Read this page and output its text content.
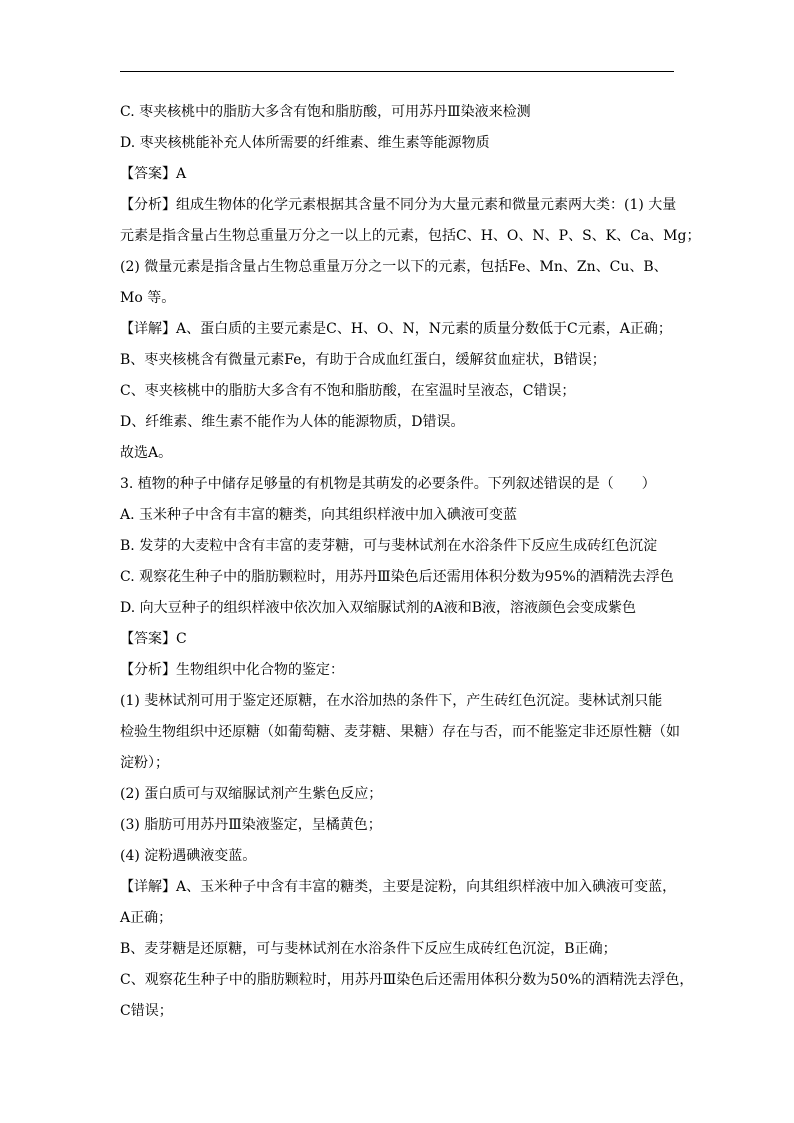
C. 枣夹核桃中的脂肪大多含有饱和脂肪酸，可用苏丹Ⅲ染液来检测
D. 枣夹核桃能补充人体所需要的纤维素、维生素等能源物质
【答案】A
【分析】组成生物体的化学元素根据其含量不同分为大量元素和微量元素两大类：(1) 大量
元素是指含量占生物总重量万分之一以上的元素，包括C、H、O、N、P、S、K、Ca、Mg；
(2) 微量元素是指含量占生物总重量万分之一以下的元素，包括Fe、Mn、Zn、Cu、B、
Mo 等。
【详解】A、蛋白质的主要元素是C、H、O、N，N元素的质量分数低于C元素，A正确；
B、枣夹核桃含有微量元素Fe，有助于合成血红蛋白，缓解贫血症状，B错误；
C、枣夹核桃中的脂肪大多含有不饱和脂肪酸，在室温时呈液态，C错误；
D、纤维素、维生素不能作为人体的能源物质，D错误。
故选A。
3. 植物的种子中储存足够量的有机物是其萌发的必要条件。下列叙述错误的是（　　）
A. 玉米种子中含有丰富的糖类，向其组织样液中加入碘液可变蓝
B. 发芽的大麦粒中含有丰富的麦芽糖，可与斐林试剂在水浴条件下反应生成砖红色沉淀
C. 观察花生种子中的脂肪颗粒时，用苏丹Ⅲ染色后还需用体积分数为95%的酒精洗去浮色
D. 向大豆种子的组织样液中依次加入双缩脲试剂的A液和B液，溶液颜色会变成紫色
【答案】C
【分析】生物组织中化合物的鉴定：
(1) 斐林试剂可用于鉴定还原糖，在水浴加热的条件下，产生砖红色沉淀。斐林试剂只能
检验生物组织中还原糖（如葡萄糖、麦芽糖、果糖）存在与否，而不能鉴定非还原性糖（如
淀粉）；
(2) 蛋白质可与双缩脲试剂产生紫色反应；
(3) 脂肪可用苏丹Ⅲ染液鉴定，呈橘黄色；
(4) 淀粉遇碘液变蓝。
【详解】A、玉米种子中含有丰富的糖类，主要是淀粉，向其组织样液中加入碘液可变蓝，
A正确；
B、麦芽糖是还原糖，可与斐林试剂在水浴条件下反应生成砖红色沉淀，B正确；
C、观察花生种子中的脂肪颗粒时，用苏丹Ⅲ染色后还需用体积分数为50%的酒精洗去浮色，
C错误；
